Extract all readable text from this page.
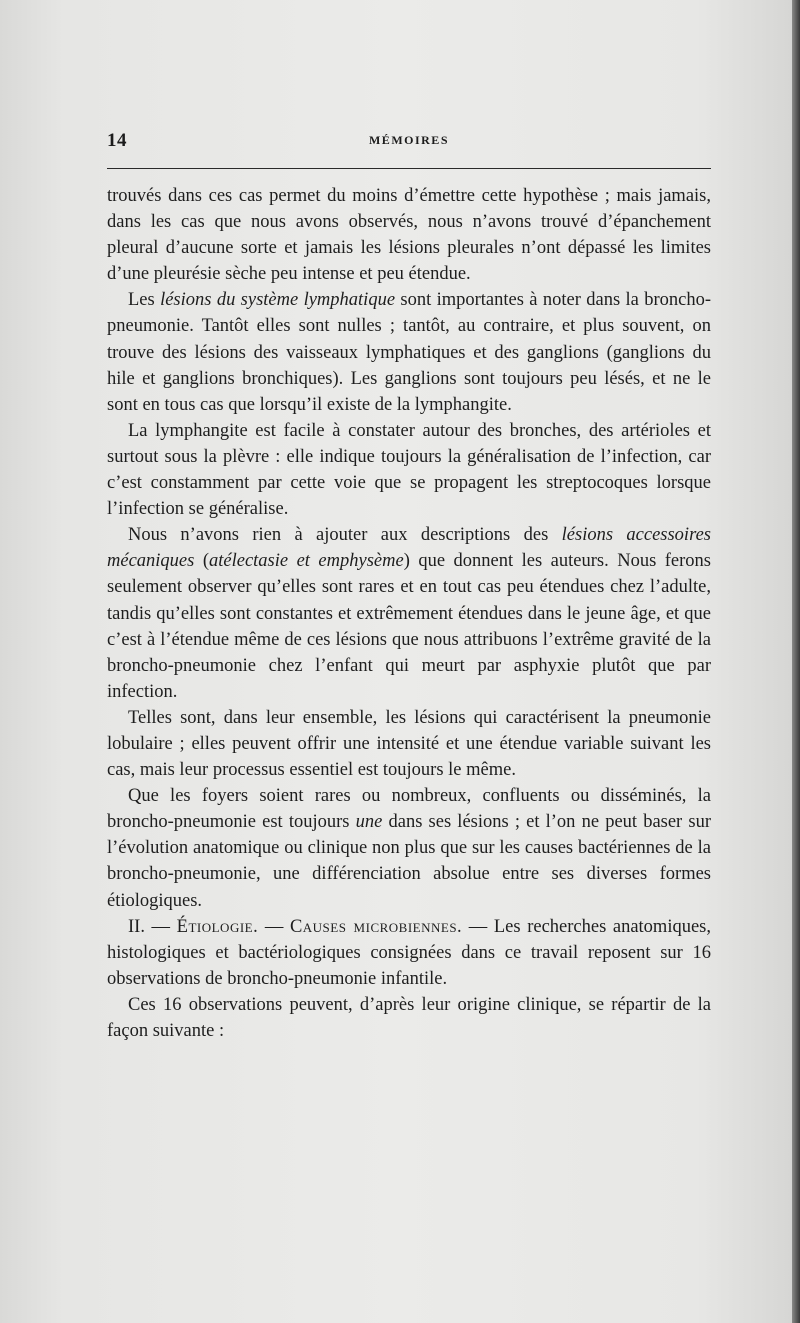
14	MÉMOIRES

trouvés dans ces cas permet du moins d’émettre cette hypothèse ; mais jamais, dans les cas que nous avons observés, nous n’avons trouvé d’épanchement pleural d’aucune sorte et jamais les lésions pleurales n’ont dépassé les limites d’une pleurésie sèche peu intense et peu étendue.

Les lésions du système lymphatique sont importantes à noter dans la broncho-pneumonie. Tantôt elles sont nulles ; tantôt, au contraire, et plus souvent, on trouve des lésions des vaisseaux lymphatiques et des ganglions (ganglions du hile et ganglions bronchiques). Les ganglions sont toujours peu lésés, et ne le sont en tous cas que lorsqu’il existe de la lymphangite.

La lymphangite est facile à constater autour des bronches, des artérioles et surtout sous la plèvre : elle indique toujours la généralisation de l’infection, car c’est constamment par cette voie que se propagent les streptocoques lorsque l’infection se généralise.

Nous n’avons rien à ajouter aux descriptions des lésions accessoires mécaniques (atélectasie et emphysème) que donnent les auteurs. Nous ferons seulement observer qu’elles sont rares et en tout cas peu étendues chez l’adulte, tandis qu’elles sont constantes et extrêmement étendues dans le jeune âge, et que c’est à l’étendue même de ces lésions que nous attribuons l’extrême gravité de la broncho-pneumonie chez l’enfant qui meurt par asphyxie plutôt que par infection.

Telles sont, dans leur ensemble, les lésions qui caractérisent la pneumonie lobulaire ; elles peuvent offrir une intensité et une étendue variable suivant les cas, mais leur processus essentiel est toujours le même.

Que les foyers soient rares ou nombreux, confluents ou disséminés, la broncho-pneumonie est toujours une dans ses lésions ; et l’on ne peut baser sur l’évolution anatomique ou clinique non plus que sur les causes bactériennes de la broncho-pneumonie, une différenciation absolue entre ses diverses formes étiologiques.

II. — Étiologie. — Causes microbiennes. — Les recherches anatomiques, histologiques et bactériologiques consignées dans ce travail reposent sur 16 observations de broncho-pneumonie infantile.

Ces 16 observations peuvent, d’après leur origine clinique, se répartir de la façon suivante :
